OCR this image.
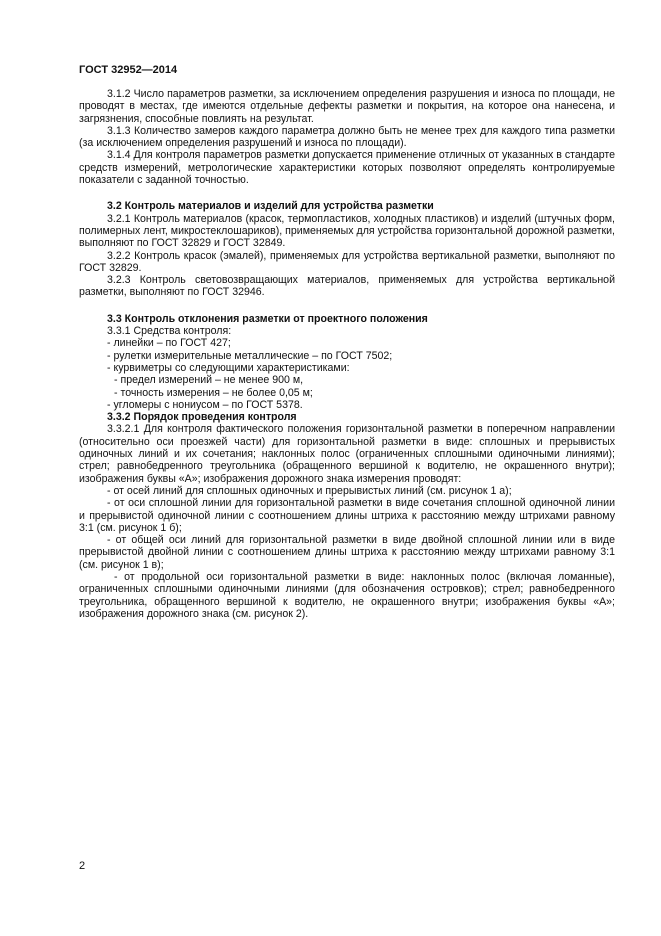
ГОСТ 32952—2014

3.1.2 Число параметров разметки, за исключением определения разрушения и износа по площади, не проводят в местах, где имеются отдельные дефекты разметки и покрытия, на которое она нанесена, и загрязнения, способные повлиять на результат.

3.1.3 Количество замеров каждого параметра должно быть не менее трех для каждого типа разметки (за исключением определения разрушений и износа по площади).

3.1.4 Для контроля параметров разметки допускается применение отличных от указанных в стандарте средств измерений, метрологические характеристики которых позволяют определять контролируемые показатели с заданной точностью.

3.2 Контроль материалов и изделий для устройства разметки

3.2.1 Контроль материалов (красок, термопластиков, холодных пластиков) и изделий (штучных форм, полимерных лент, микростеклошариков), применяемых для устройства горизонтальной дорожной разметки, выполняют по ГОСТ 32829 и ГОСТ 32849.

3.2.2 Контроль красок (эмалей), применяемых для устройства вертикальной разметки, выполняют по ГОСТ 32829.

3.2.3 Контроль световозвращающих материалов, применяемых для устройства вертикальной разметки, выполняют по ГОСТ 32946.

3.3 Контроль отклонения разметки от проектного положения

3.3.1 Средства контроля:

- линейки – по ГОСТ 427;

- рулетки измерительные металлические – по ГОСТ 7502;

- курвиметры со следующими характеристиками:

- предел измерений – не менее 900 м,

- точность измерения – не более 0,05 м;

- угломеры с нониусом – по ГОСТ 5378.

3.3.2 Порядок проведения контроля

3.3.2.1 Для контроля фактического положения горизонтальной разметки в поперечном направлении (относительно оси проезжей части) для горизонтальной разметки в виде: сплошных и прерывистых одиночных линий и их сочетания; наклонных полос (ограниченных сплошными одиночными линиями); стрел; равнобедренного треугольника (обращенного вершиной к водителю, не окрашенного внутри); изображения буквы «А»; изображения дорожного знака измерения проводят:

- от осей линий для сплошных одиночных и прерывистых линий (см. рисунок 1 а);

- от оси сплошной линии для горизонтальной разметки в виде сочетания сплошной одиночной линии и прерывистой одиночной линии с соотношением длины штриха к расстоянию между штрихами равному 3:1 (см. рисунок 1 б);

- от общей оси линий для горизонтальной разметки в виде двойной сплошной линии или в виде прерывистой двойной линии с соотношением длины штриха к расстоянию между штрихами равному 3:1 (см. рисунок 1 в);

- от продольной оси горизонтальной разметки в виде: наклонных полос (включая ломанные), ограниченных сплошными одиночными линиями (для обозначения островков); стрел; равнобедренного треугольника, обращенного вершиной к водителю, не окрашенного внутри; изображения буквы «А»; изображения дорожного знака (см. рисунок 2).

2
